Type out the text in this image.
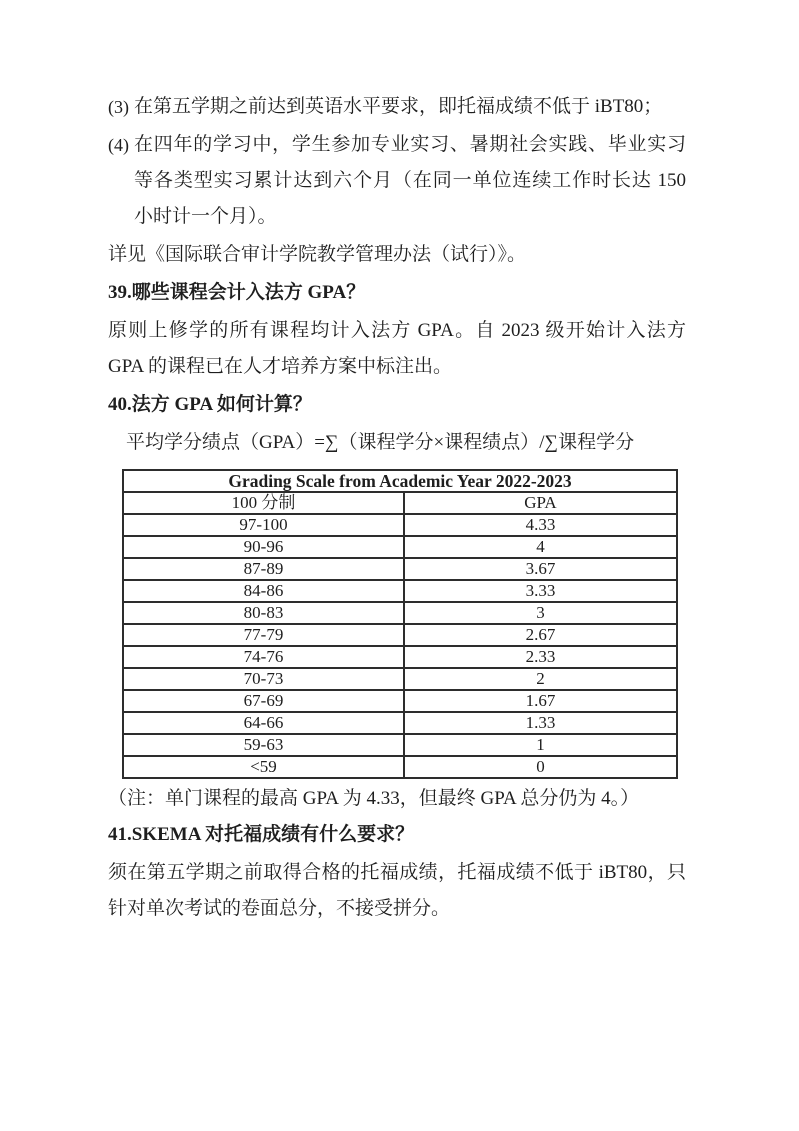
(3) 在第五学期之前达到英语水平要求，即托福成绩不低于 iBT80；
(4) 在四年的学习中，学生参加专业实习、暑期社会实践、毕业实习
等各类型实习累计达到六个月（在同一单位连续工作时长达 150
小时计一个月）。
详见《国际联合审计学院教学管理办法（试行）》。
39.哪些课程会计入法方 GPA？
原则上修学的所有课程均计入法方 GPA。自 2023 级开始计入法方
GPA 的课程已在人才培养方案中标注出。
40.法方 GPA 如何计算？
平均学分绩点（GPA）=∑（课程学分×课程绩点）/∑课程学分
Grading Scale from Academic Year 2022-2023	
100 分制	GPA
97-100	4.33
90-96	4
87-89	3.67
84-86	3.33
80-83	3
77-79	2.67
74-76	2.33
70-73	2
67-69	1.67
64-66	1.33
59-63	1
<59	0
（注：单门课程的最高 GPA 为 4.33，但最终 GPA 总分仍为 4。）
41.SKEMA 对托福成绩有什么要求？
须在第五学期之前取得合格的托福成绩，托福成绩不低于 iBT80，只
针对单次考试的卷面总分，不接受拼分。
